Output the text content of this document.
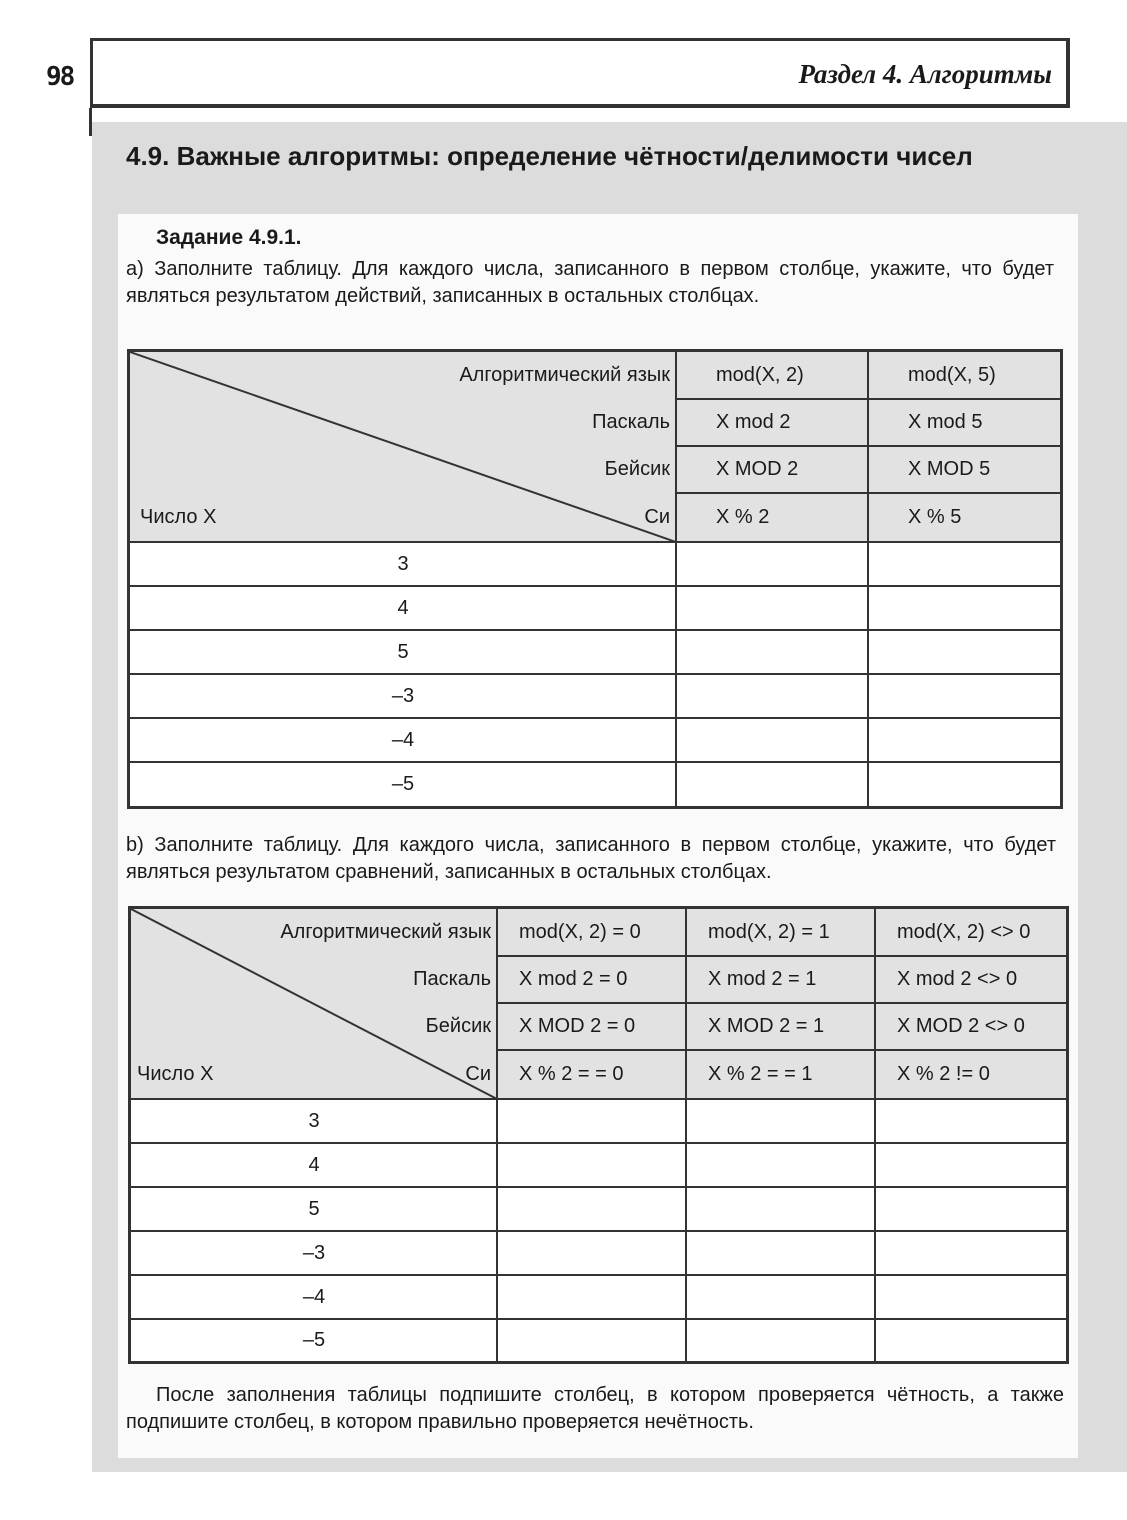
98	Раздел 4. Алгоритмы
4.9. Важные алгоритмы: определение чётности/делимости чисел
Задание 4.9.1.
а) Заполните таблицу. Для каждого числа, записанного в первом столбце, укажите, что будет являться результатом действий, записанных в остальных столбцах.
Алгоритмический язык
Паскаль
Бейсик
Си
Число X
mod(X, 2)
X mod 2
X MOD 2
X % 2
mod(X, 5)
X mod 5
X MOD 5
X % 5
3
4
5
–3
–4
–5
b) Заполните таблицу. Для каждого числа, записанного в первом столбце, укажите, что будет являться результатом сравнений, записанных в остальных столбцах.
Алгоритмический язык
Паскаль
Бейсик
Си
Число X
mod(X, 2) = 0
X mod 2 = 0
X MOD 2 = 0
X % 2 = = 0
mod(X, 2) = 1
X mod 2 = 1
X MOD 2 = 1
X % 2 = = 1
mod(X, 2) <> 0
X mod 2 <> 0
X MOD 2 <> 0
X % 2 != 0
3
4
5
–3
–4
–5
После заполнения таблицы подпишите столбец, в котором проверяется чётность, а также подпишите столбец, в котором правильно проверяется нечётность.
